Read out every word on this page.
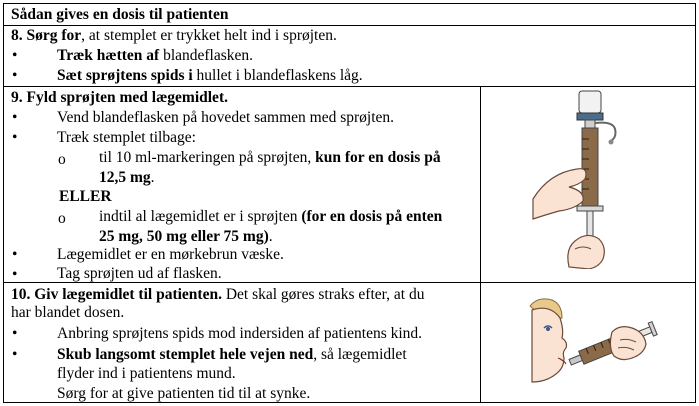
Sådan gives en dosis til patienten
8. Sørg for, at stemplet er trykket helt ind i sprøjten.
•	Træk hætten af blandeflasken.
•	Sæt sprøjtens spids i hullet i blandeflaskens låg.
9. Fyld sprøjten med lægemidlet.
•	Vend blandeflasken på hovedet sammen med sprøjten.
•	Træk stemplet tilbage:
o til 10 ml-markeringen på sprøjten, kun for en dosis på
12,5 mg.
ELLER
o indtil al lægemidlet er i sprøjten (for en dosis på enten
25 mg, 50 mg eller 75 mg).
•	Lægemidlet er en mørkebrun væske.
•	Tag sprøjten ud af flasken.
10. Giv lægemidlet til patienten. Det skal gøres straks efter, at du
har blandet dosen.
•	Anbring sprøjtens spids mod indersiden af patientens kind.
•	Skub langsomt stemplet hele vejen ned, så lægemidlet
flyder ind i patientens mund.
Sørg for at give patienten tid til at synke.
